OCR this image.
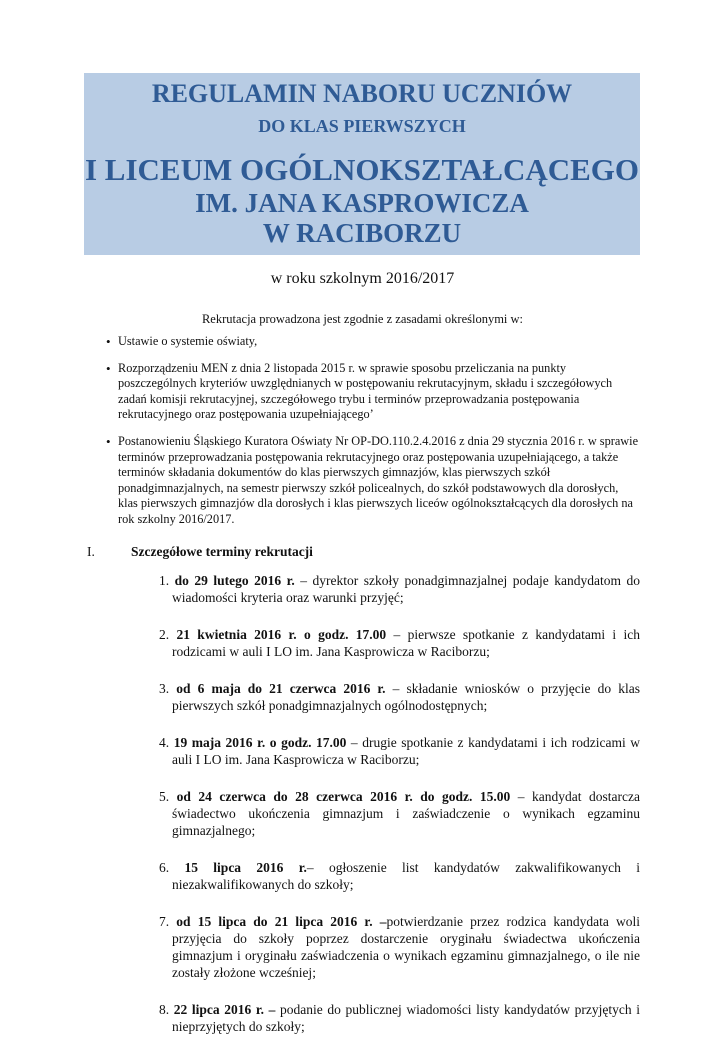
REGULAMIN NABORU UCZNIÓW
DO KLAS PIERWSZYCH
I LICEUM OGÓLNOKSZTAŁCĄCEGO
IM. JANA KASPROWICZA
W RACIBORZU
w roku szkolnym 2016/2017
Rekrutacja prowadzona jest zgodnie z zasadami określonymi w:
• Ustawie o systemie oświaty,
• Rozporządzeniu MEN z dnia 2 listopada 2015 r. w sprawie sposobu przeliczania na punkty poszczególnych kryteriów uwzględnianych w postępowaniu rekrutacyjnym, składu i szczegółowych zadań komisji rekrutacyjnej, szczegółowego trybu i terminów przeprowadzania postępowania rekrutacyjnego oraz postępowania uzupełniającego’
• Postanowieniu Śląskiego Kuratora Oświaty Nr OP-DO.110.2.4.2016 z dnia 29 stycznia 2016 r. w sprawie terminów przeprowadzania postępowania rekrutacyjnego oraz postępowania uzupełniającego, a także terminów składania dokumentów do klas pierwszych gimnazjów, klas pierwszych szkół ponadgimnazjalnych, na semestr pierwszy szkół policealnych, do szkół podstawowych dla dorosłych, klas pierwszych gimnazjów dla dorosłych i klas pierwszych liceów ogólnokształcących dla dorosłych na rok szkolny 2016/2017.
I.	Szczegółowe terminy rekrutacji
1. do 29 lutego 2016 r. – dyrektor szkoły ponadgimnazjalnej podaje kandydatom do wiadomości kryteria oraz warunki przyjęć;
2. 21 kwietnia 2016 r. o godz. 17.00 – pierwsze spotkanie z kandydatami i ich rodzicami w auli I LO im. Jana Kasprowicza w Raciborzu;
3. od 6 maja do 21 czerwca 2016 r. – składanie wniosków o przyjęcie do klas pierwszych szkół ponadgimnazjalnych ogólnodostępnych;
4. 19 maja 2016 r. o godz. 17.00 – drugie spotkanie z kandydatami i ich rodzicami w auli I LO im. Jana Kasprowicza w Raciborzu;
5. od 24 czerwca do 28 czerwca 2016 r. do godz. 15.00 – kandydat dostarcza świadectwo ukończenia gimnazjum i zaświadczenie o wynikach egzaminu gimnazjalnego;
6. 15 lipca 2016 r.– ogłoszenie list kandydatów zakwalifikowanych i niezakwalifikowanych do szkoły;
7. od 15 lipca do 21 lipca 2016 r. –potwierdzanie przez rodzica kandydata woli przyjęcia do szkoły poprzez dostarczenie oryginału świadectwa ukończenia gimnazjum i oryginału zaświadczenia o wynikach egzaminu gimnazjalnego, o ile nie zostały złożone wcześniej;
8. 22 lipca 2016 r. – podanie do publicznej wiadomości listy kandydatów przyjętych i nieprzyjętych do szkoły;
